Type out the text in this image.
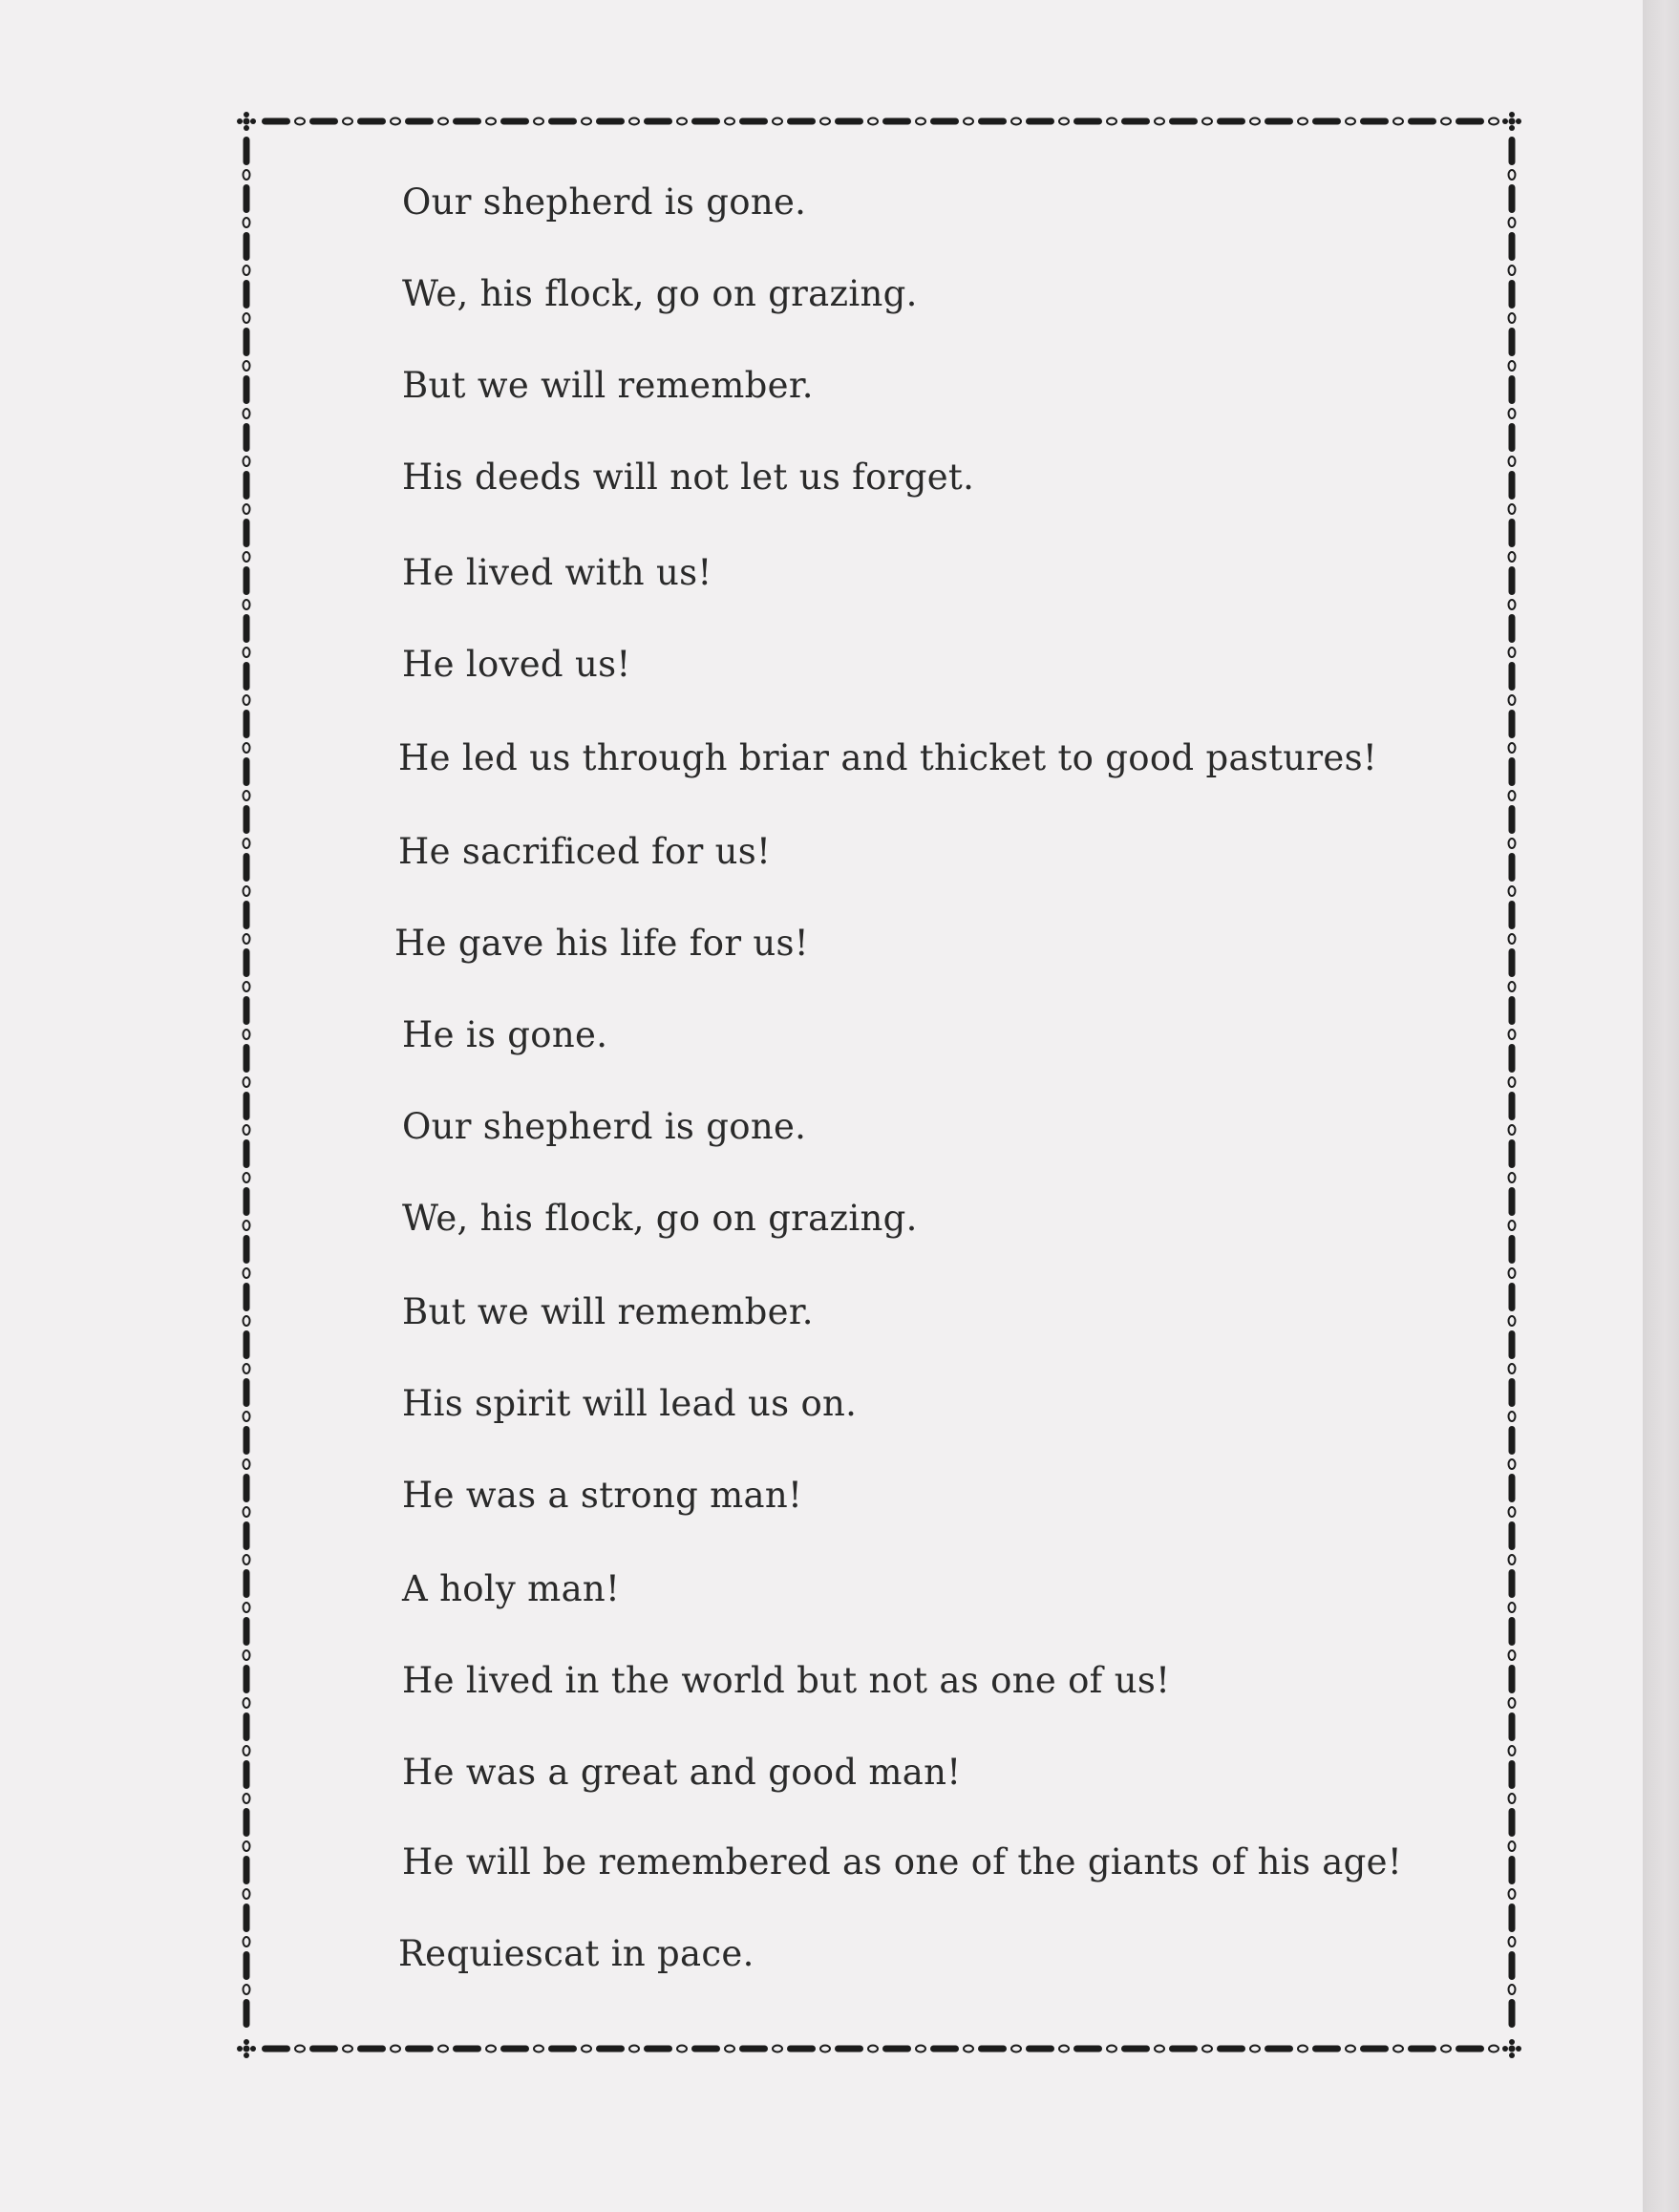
Our shepherd is gone.
We, his flock, go on grazing.
But we will remember.
His deeds will not let us forget.
He lived with us!
He loved us!
He led us through briar and thicket to good pastures!
He sacrificed for us!
He gave his life for us!
He is gone.
Our shepherd is gone.
We, his flock, go on grazing.
But we will remember.
His spirit will lead us on.
He was a strong man!
A holy man!
He lived in the world but not as one of us!
He was a great and good man!
He will be remembered as one of the giants of his age!
Requiescat in pace.
